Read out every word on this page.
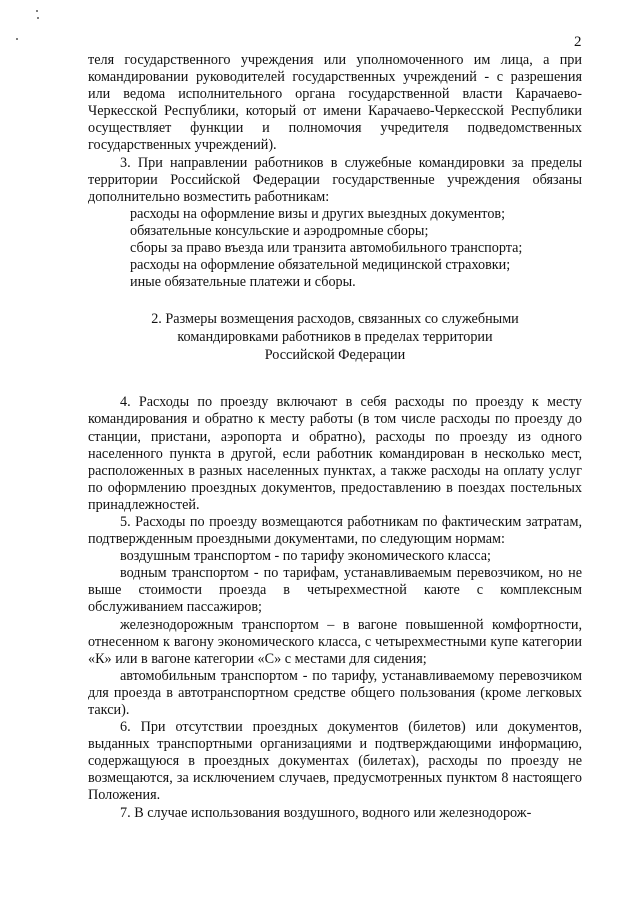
2

теля государственного учреждения или уполномоченного им лица, а при командировании руководителей государственных учреждений - с разрешения или ведома исполнительного органа государственной власти Карачаево-Черкесской Республики, который от имени Карачаево-Черкесской Республики осуществляет функции и полномочия учредителя подведомственных государственных учреждений).

3. При направлении работников в служебные командировки за пределы территории Российской Федерации государственные учреждения обязаны дополнительно возместить работникам:

расходы на оформление визы и других выездных документов;

обязательные консульские и аэродромные сборы;

сборы за право въезда или транзита автомобильного транспорта;

расходы на оформление обязательной медицинской страховки;

иные обязательные платежи и сборы.

2. Размеры возмещения расходов, связанных со служебными
командировками работников в пределах территории
Российской Федерации

4. Расходы по проезду включают в себя расходы по проезду к месту командирования и обратно к месту работы (в том числе расходы по проезду до станции, пристани, аэропорта и обратно), расходы по проезду из одного населенного пункта в другой, если работник командирован в несколько мест, расположенных в разных населенных пунктах, а также расходы на оплату услуг по оформлению проездных документов, предоставлению в поездах постельных принадлежностей.

5. Расходы по проезду возмещаются работникам по фактическим затратам, подтвержденным проездными документами, по следующим нормам:

воздушным транспортом - по тарифу экономического класса;

водным транспортом - по тарифам, устанавливаемым перевозчиком, но не выше стоимости проезда в четырехместной каюте с комплексным обслуживанием пассажиров;

железнодорожным транспортом – в вагоне повышенной комфортности, отнесенном к вагону экономического класса, с четырехместными купе категории «К» или в вагоне категории «С» с местами для сидения;

автомобильным транспортом - по тарифу, устанавливаемому перевозчиком для проезда в автотранспортном средстве общего пользования (кроме легковых такси).

6. При отсутствии проездных документов (билетов) или документов, выданных транспортными организациями и подтверждающими информацию, содержащуюся в проездных документах (билетах), расходы по проезду не возмещаются, за исключением случаев, предусмотренных пунктом 8 настоящего Положения.

7. В случае использования воздушного, водного или железнодорож-
